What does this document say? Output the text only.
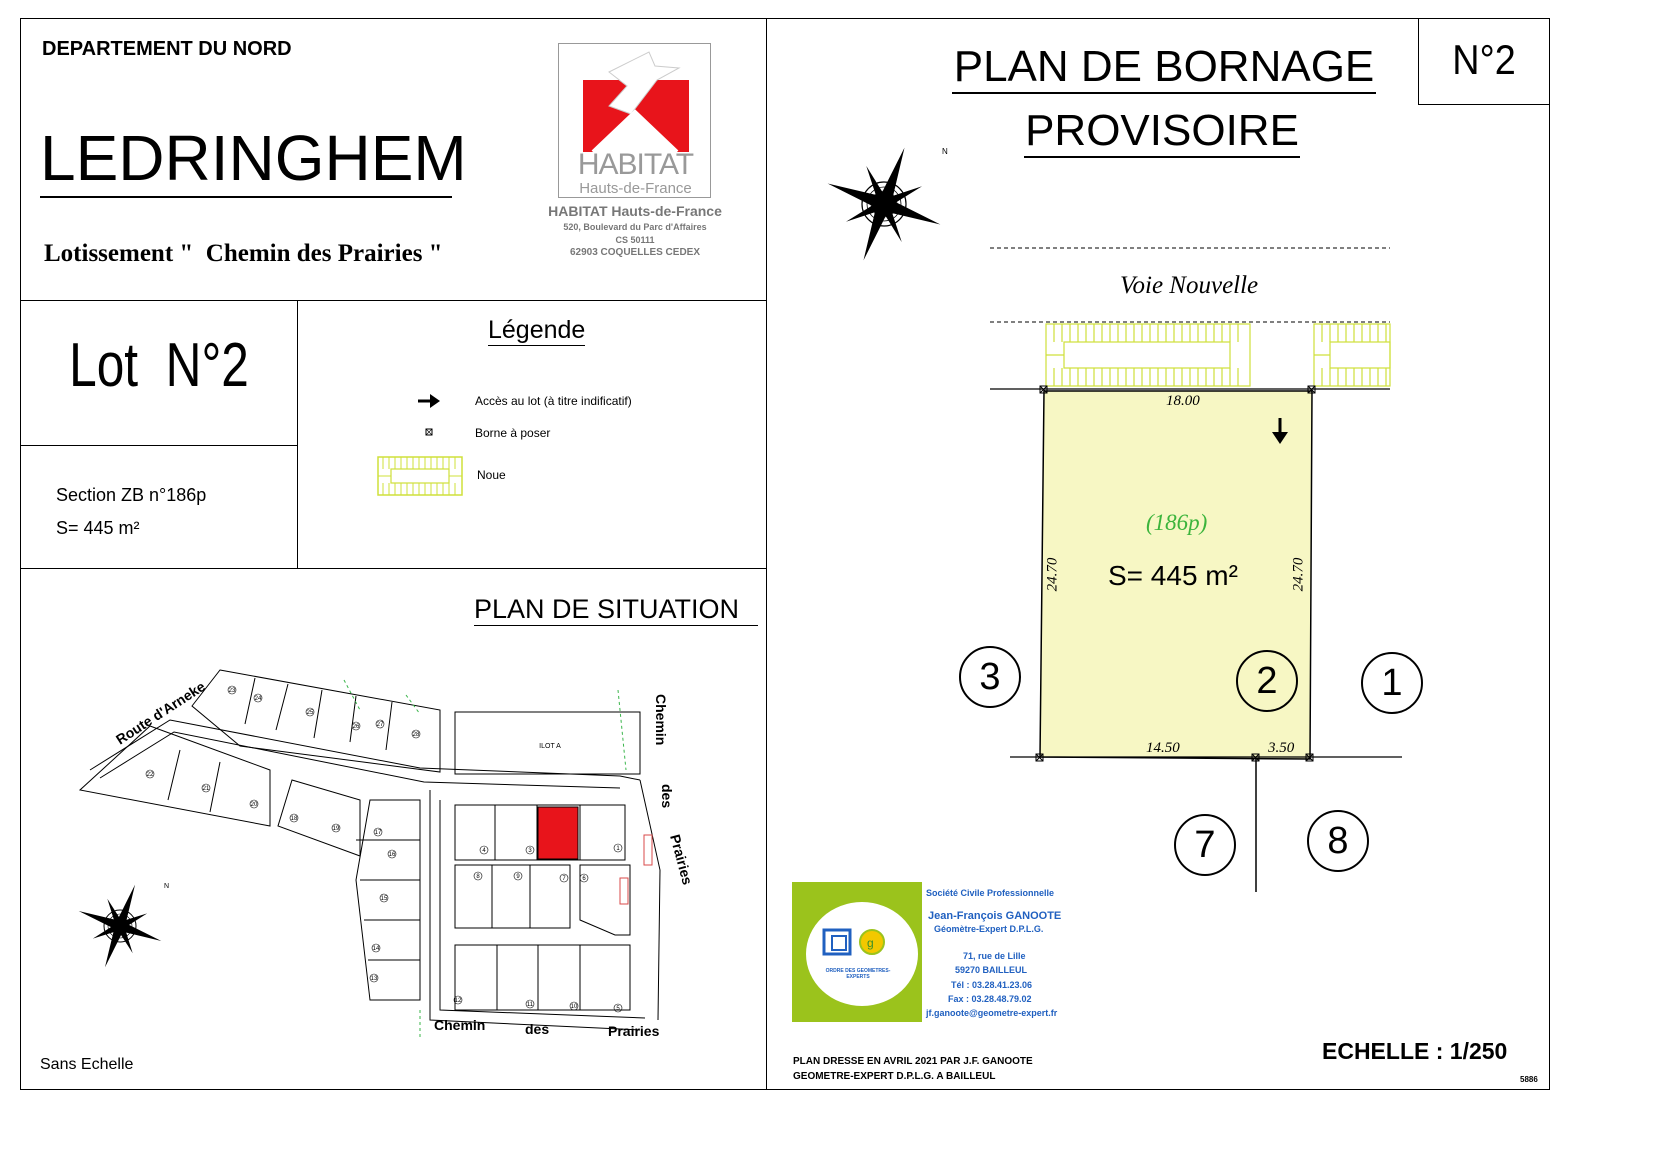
DEPARTEMENT DU NORD
LEDRINGHEM
Lotissement "  Chemin des Prairies "
HABITAT
Hauts-de-France
HABITAT Hauts-de-France
520, Boulevard du Parc d'Affaires
CS 50111
62903 COQUELLES CEDEX
Lot  N°2
Section ZB n°186p
S= 445 m²
Légende
Accès au lot (à titre indificatif)
Borne à poser
Noue
PLAN DE SITUATION
23
24
25
26	27
28
22
21
20
18
19
17
16
15
14
13
4	3	1
8	9	7	6
12
11	10	5
ILOT A
Route d'Arneke	Chemin
des
Prairies
Chemin	des	Prairies
N
Sans Echelle
PLAN DE BORNAGE
PROVISOIRE
N°2
N
Voie Nouvelle
18.00
24.70	24.70
14.50	3.50
(186p)
S= 445 m²
3	2	1
7	8
g
ORDRE DES GEOMETRES-EXPERTS
Société Civile Professionnelle
Jean-François GANOOTE
Géomètre-Expert D.P.L.G.
71, rue de Lille
59270 BAILLEUL
Tél : 03.28.41.23.06
Fax : 03.28.48.79.02
jf.ganoote@geometre-expert.fr
PLAN DRESSE EN AVRIL 2021 PAR J.F. GANOOTE
GEOMETRE-EXPERT D.P.L.G. A BAILLEUL
ECHELLE : 1/250
5886
